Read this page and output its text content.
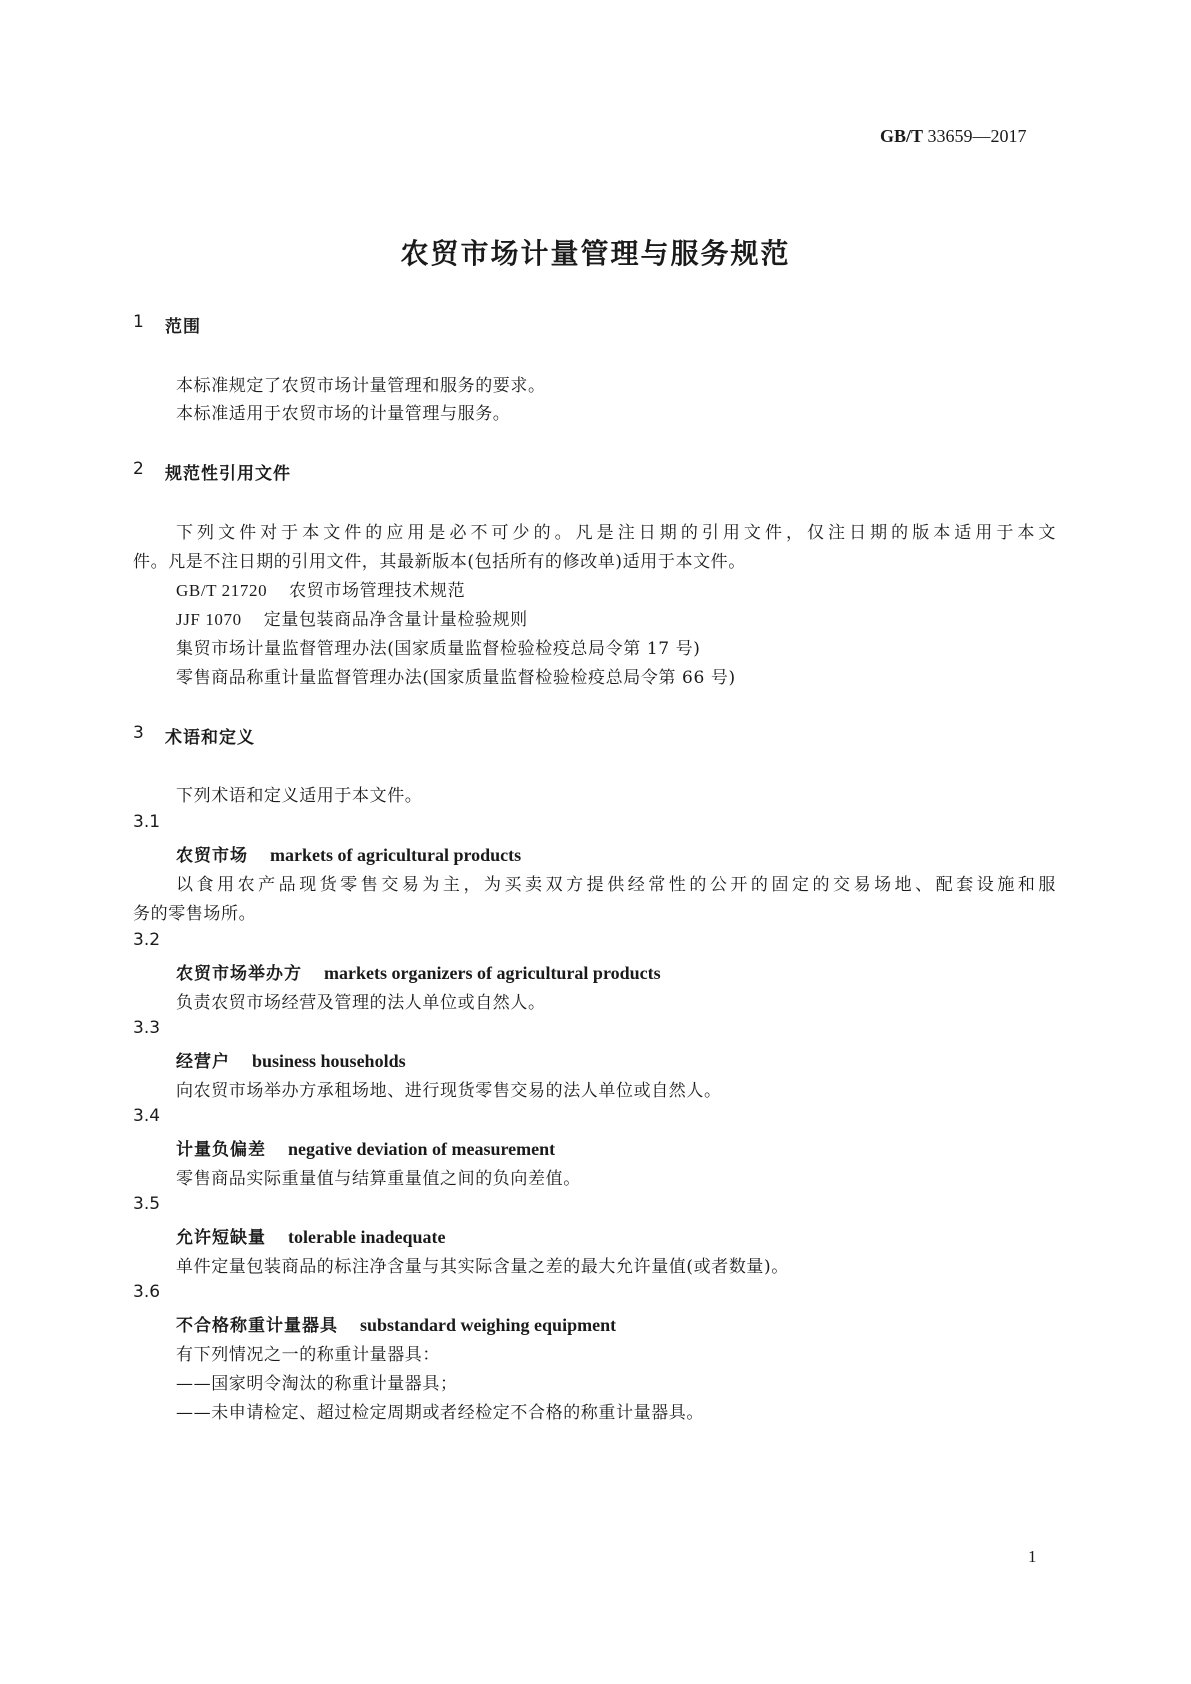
GB/T 33659—2017
农贸市场计量管理与服务规范
1 范围
本标准规定了农贸市场计量管理和服务的要求。
本标准适用于农贸市场的计量管理与服务。
2 规范性引用文件
下列文件对于本文件的应用是必不可少的。凡是注日期的引用文件，仅注日期的版本适用于本文
件。凡是不注日期的引用文件，其最新版本(包括所有的修改单)适用于本文件。
GB/T 21720 农贸市场管理技术规范
JJF 1070 定量包装商品净含量计量检验规则
集贸市场计量监督管理办法(国家质量监督检验检疫总局令第 17 号)
零售商品称重计量监督管理办法(国家质量监督检验检疫总局令第 66 号)
3 术语和定义
下列术语和定义适用于本文件。
3.1
农贸市场 markets of agricultural products
以食用农产品现货零售交易为主，为买卖双方提供经常性的公开的固定的交易场地、配套设施和服
务的零售场所。
3.2
农贸市场举办方 markets organizers of agricultural products
负责农贸市场经营及管理的法人单位或自然人。
3.3
经营户 business households
向农贸市场举办方承租场地、进行现货零售交易的法人单位或自然人。
3.4
计量负偏差 negative deviation of measurement
零售商品实际重量值与结算重量值之间的负向差值。
3.5
允许短缺量 tolerable inadequate
单件定量包装商品的标注净含量与其实际含量之差的最大允许量值(或者数量)。
3.6
不合格称重计量器具 substandard weighing equipment
有下列情况之一的称重计量器具：
——国家明令淘汰的称重计量器具；
——未申请检定、超过检定周期或者经检定不合格的称重计量器具。
1
